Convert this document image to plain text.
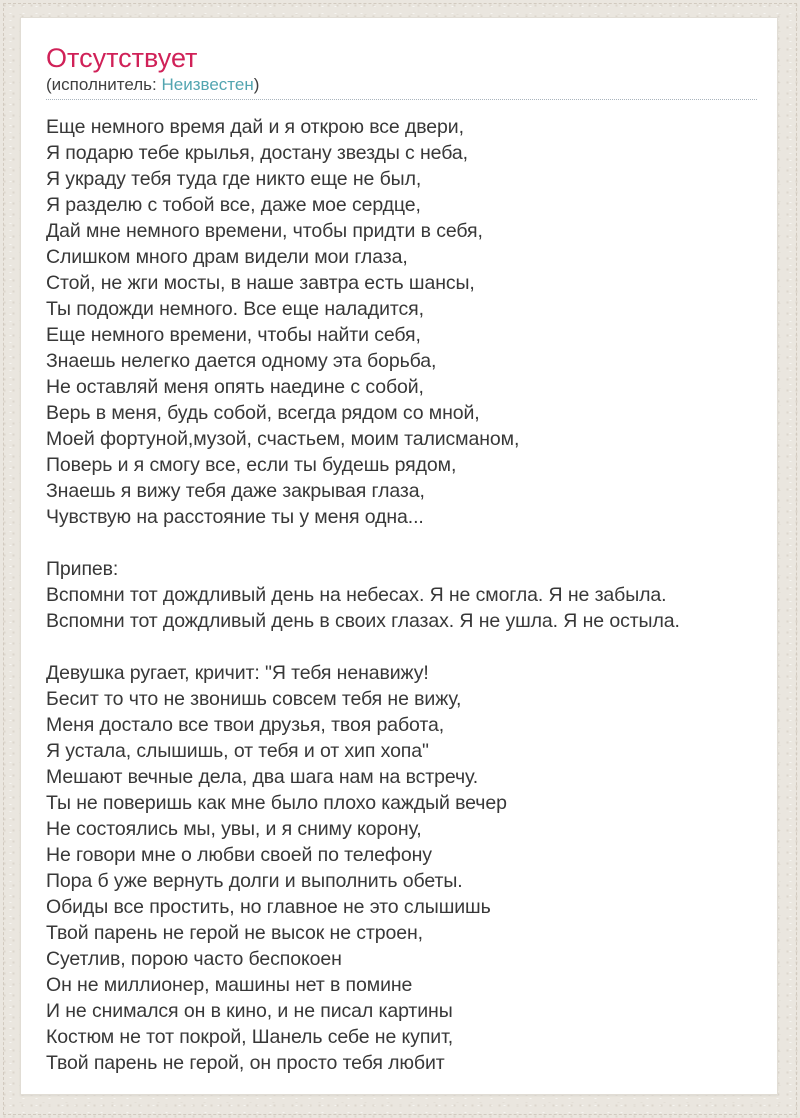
Отсутствует
(исполнитель: Неизвестен)
Еще немного время дай и я открою все двери,
Я подарю тебе крылья, достану звезды с неба,
Я украду тебя туда где никто еще не был,
Я разделю с тобой все, даже мое сердце,
Дай мне немного времени, чтобы придти в себя,
Слишком много драм видели мои глаза,
Стой, не жги мосты, в наше завтра есть шансы,
Ты подожди немного. Все еще наладится,
Еще немного времени, чтобы найти себя,
Знаешь нелегко дается одному эта борьба,
Не оставляй меня опять наедине с собой,
Верь в меня, будь собой, всегда рядом со мной,
Моей фортуной,музой, счастьем, моим талисманом,
Поверь и я смогу все, если ты будешь рядом,
Знаешь я вижу тебя даже закрывая глаза,
Чувствую на расстояние ты у меня одна...
Припев:
Вспомни тот дождливый день на небесах. Я не смогла. Я не забыла.
Вспомни тот дождливый день в своих глазах. Я не ушла. Я не остыла.
Девушка ругает, кричит: "Я тебя ненавижу!
Бесит то что не звонишь совсем тебя не вижу,
Меня достало все твои друзья, твоя работа,
Я устала, слышишь, от тебя и от хип хопа"
Мешают вечные дела, два шага нам на встречу.
Ты не поверишь как мне было плохо каждый вечер
Не состоялись мы, увы, и я сниму корону,
Не говори мне о любви своей по телефону
Пора б уже вернуть долги и выполнить обеты.
Обиды все простить, но главное не это слышишь
Твой парень не герой не высок не строен,
Суетлив, порою часто беспокоен
Он не миллионер, машины нет в помине
И не снимался он в кино, и не писал картины
Костюм не тот покрой, Шанель себе не купит,
Твой парень не герой, он просто тебя любит
